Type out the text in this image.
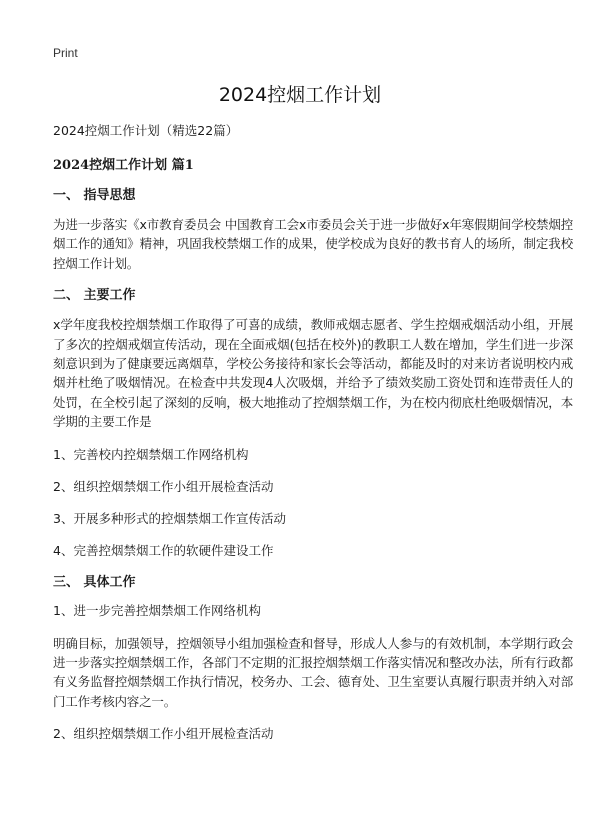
Print
2024控烟工作计划

2024控烟工作计划（精选22篇）

2024控烟工作计划 篇1

一、 指导思想

为进一步落实《x市教育委员会 中国教育工会x市委员会关于进一步做好x年寒假期间学校禁烟控烟工作的通知》精神，巩固我校禁烟工作的成果，使学校成为良好的教书育人的场所，制定我校控烟工作计划。

二、 主要工作

x学年度我校控烟禁烟工作取得了可喜的成绩，教师戒烟志愿者、学生控烟戒烟活动小组，开展了多次的控烟戒烟宣传活动，现在全面戒烟(包括在校外)的教职工人数在增加，学生们进一步深刻意识到为了健康要远离烟草，学校公务接待和家长会等活动，都能及时的对来访者说明校内戒烟并杜绝了吸烟情况。在检查中共发现4人次吸烟，并给予了绩效奖励工资处罚和连带责任人的处罚，在全校引起了深刻的反响，极大地推动了控烟禁烟工作，为在校内彻底杜绝吸烟情况，本学期的主要工作是

1、完善校内控烟禁烟工作网络机构

2、组织控烟禁烟工作小组开展检查活动

3、开展多种形式的控烟禁烟工作宣传活动

4、完善控烟禁烟工作的软硬件建设工作

三、 具体工作

1、进一步完善控烟禁烟工作网络机构

明确目标，加强领导，控烟领导小组加强检查和督导，形成人人参与的有效机制，本学期行政会进一步落实控烟禁烟工作，各部门不定期的汇报控烟禁烟工作落实情况和整改办法，所有行政都有义务监督控烟禁烟工作执行情况，校务办、工会、德育处、卫生室要认真履行职责并纳入对部门工作考核内容之一。

2、组织控烟禁烟工作小组开展检查活动
